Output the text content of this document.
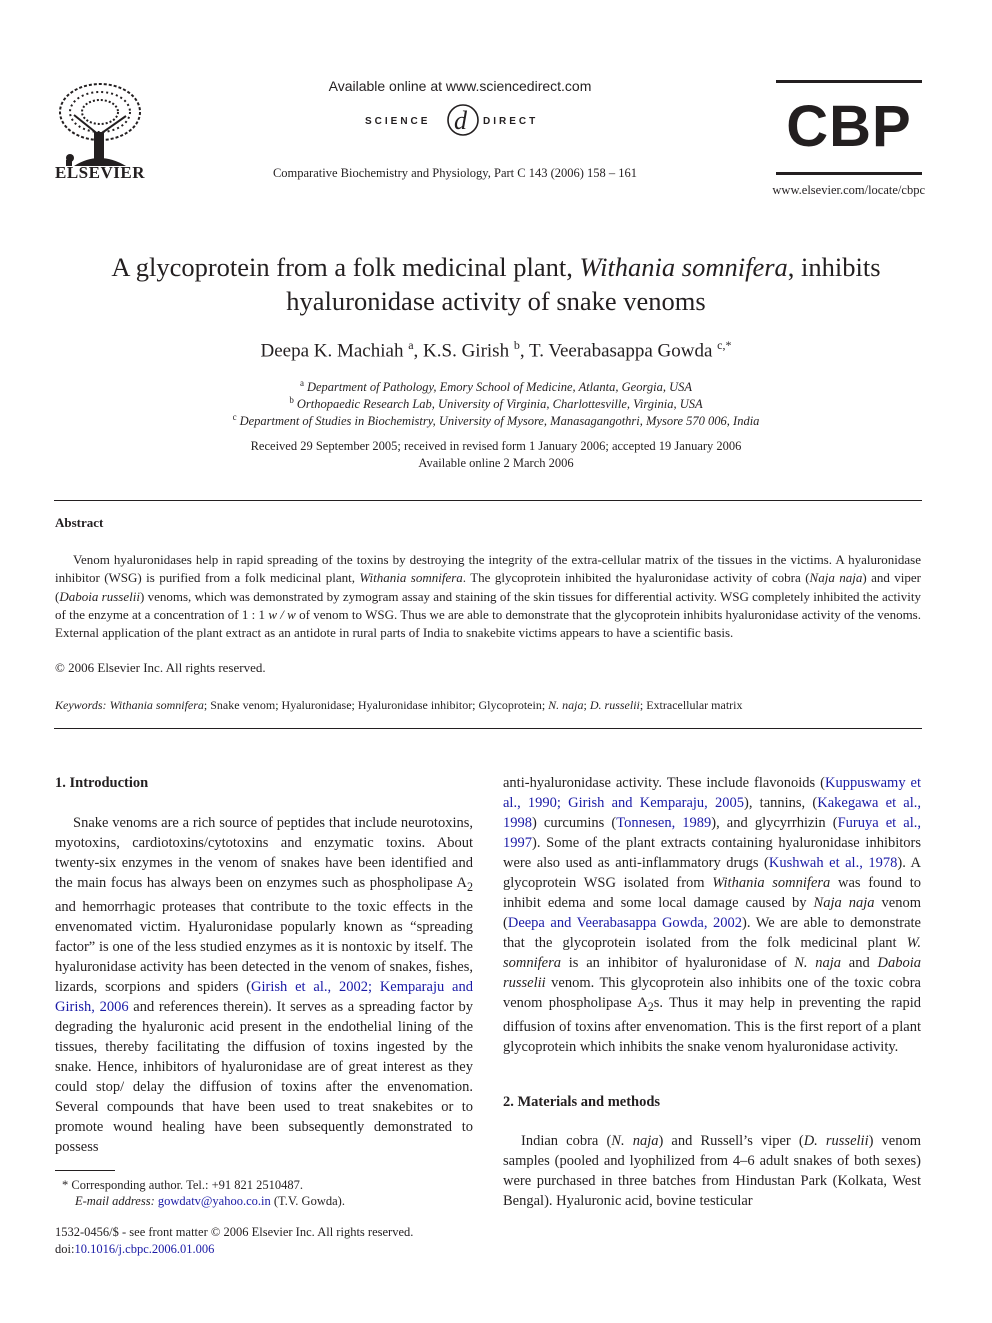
ELSEVIER
Available online at www.sciencedirect.com
SCIENCE d DIRECT
Comparative Biochemistry and Physiology, Part C 143 (2006) 158 – 161
CBP
www.elsevier.com/locate/cbpc
A glycoprotein from a folk medicinal plant, Withania somnifera, inhibits
hyaluronidase activity of snake venoms
Deepa K. Machiah $^a$, K.S. Girish $^b$, T. Veerabasappa Gowda $^{c,*}$
$^a$ Department of Pathology, Emory School of Medicine, Atlanta, Georgia, USA
$^b$ Orthopaedic Research Lab, University of Virginia, Charlottesville, Virginia, USA
$^c$ Department of Studies in Biochemistry, University of Mysore, Manasagangothri, Mysore 570 006, India
Received 29 September 2005; received in revised form 1 January 2006; accepted 19 January 2006
Available online 2 March 2006
Abstract
Venom hyaluronidases help in rapid spreading of the toxins by destroying the integrity of the extra-cellular matrix of the tissues in the victims. A hyaluronidase inhibitor (WSG) is purified from a folk medicinal plant, Withania somnifera. The glycoprotein inhibited the hyaluronidase activity of cobra (Naja naja) and viper (Daboia russelii) venoms, which was demonstrated by zymogram assay and staining of the skin tissues for differential activity. WSG completely inhibited the activity of the enzyme at a concentration of 1 : 1 w / w of venom to WSG. Thus we are able to demonstrate that the glycoprotein inhibits hyaluronidase activity of the venoms. External application of the plant extract as an antidote in rural parts of India to snakebite victims appears to have a scientific basis.
© 2006 Elsevier Inc. All rights reserved.
Keywords: Withania somnifera; Snake venom; Hyaluronidase; Hyaluronidase inhibitor; Glycoprotein; N. naja; D. russelii; Extracellular matrix
1. Introduction

Snake venoms are a rich source of peptides that include neurotoxins, myotoxins, cardiotoxins/cytotoxins and enzymatic toxins. About twenty-six enzymes in the venom of snakes have been identified and the main focus has always been on enzymes such as phospholipase $A_2$ and hemorrhagic proteases that contribute to the toxic effects in the envenomated victim. Hyaluronidase popularly known as “spreading factor” is one of the less studied enzymes as it is nontoxic by itself. The hyaluronidase activity has been detected in the venom of snakes, fishes, lizards, scorpions and spiders (Girish et al., 2002; Kemparaju and Girish, 2006 and references therein). It serves as a spreading factor by degrading the hyaluronic acid present in the endothelial lining of the tissues, thereby facilitating the diffusion of toxins ingested by the snake. Hence, inhibitors of hyaluronidase are of great interest as they could stop/ delay the diffusion of toxins after the envenomation. Several compounds that have been used to treat snakebites or to promote wound healing have been subsequently demonstrated to possess

anti-hyaluronidase activity. These include flavonoids (Kuppuswamy et al., 1990; Girish and Kemparaju, 2005), tannins, (Kakegawa et al., 1998) curcumins (Tonnesen, 1989), and glycyrrhizin (Furuya et al., 1997). Some of the plant extracts containing hyaluronidase inhibitors were also used as anti-inflammatory drugs (Kushwah et al., 1978). A glycoprotein WSG isolated from Withania somnifera was found to inhibit edema and some local damage caused by Naja naja venom (Deepa and Veerabasappa Gowda, 2002). We are able to demonstrate that the glycoprotein isolated from the folk medicinal plant W. somnifera is an inhibitor of hyaluronidase of N. naja and Daboia russelii venom. This glycoprotein also inhibits one of the toxic cobra venom phospholipase $A_2s$. Thus it may help in preventing the rapid diffusion of toxins after envenomation. This is the first report of a plant glycoprotein which inhibits the snake venom hyaluronidase activity.

2. Materials and methods

Indian cobra (N. naja) and Russell’s viper (D. russelii) venom samples (pooled and lyophilized from 4–6 adult snakes of both sexes) were purchased in three batches from Hindustan Park (Kolkata, West Bengal). Hyaluronic acid, bovine testicular

* Corresponding author. Tel.: +91 821 2510487.
E-mail address: gowdatv@yahoo.co.in (T.V. Gowda).
1532-0456/$ - see front matter © 2006 Elsevier Inc. All rights reserved.
doi:10.1016/j.cbpc.2006.01.006
